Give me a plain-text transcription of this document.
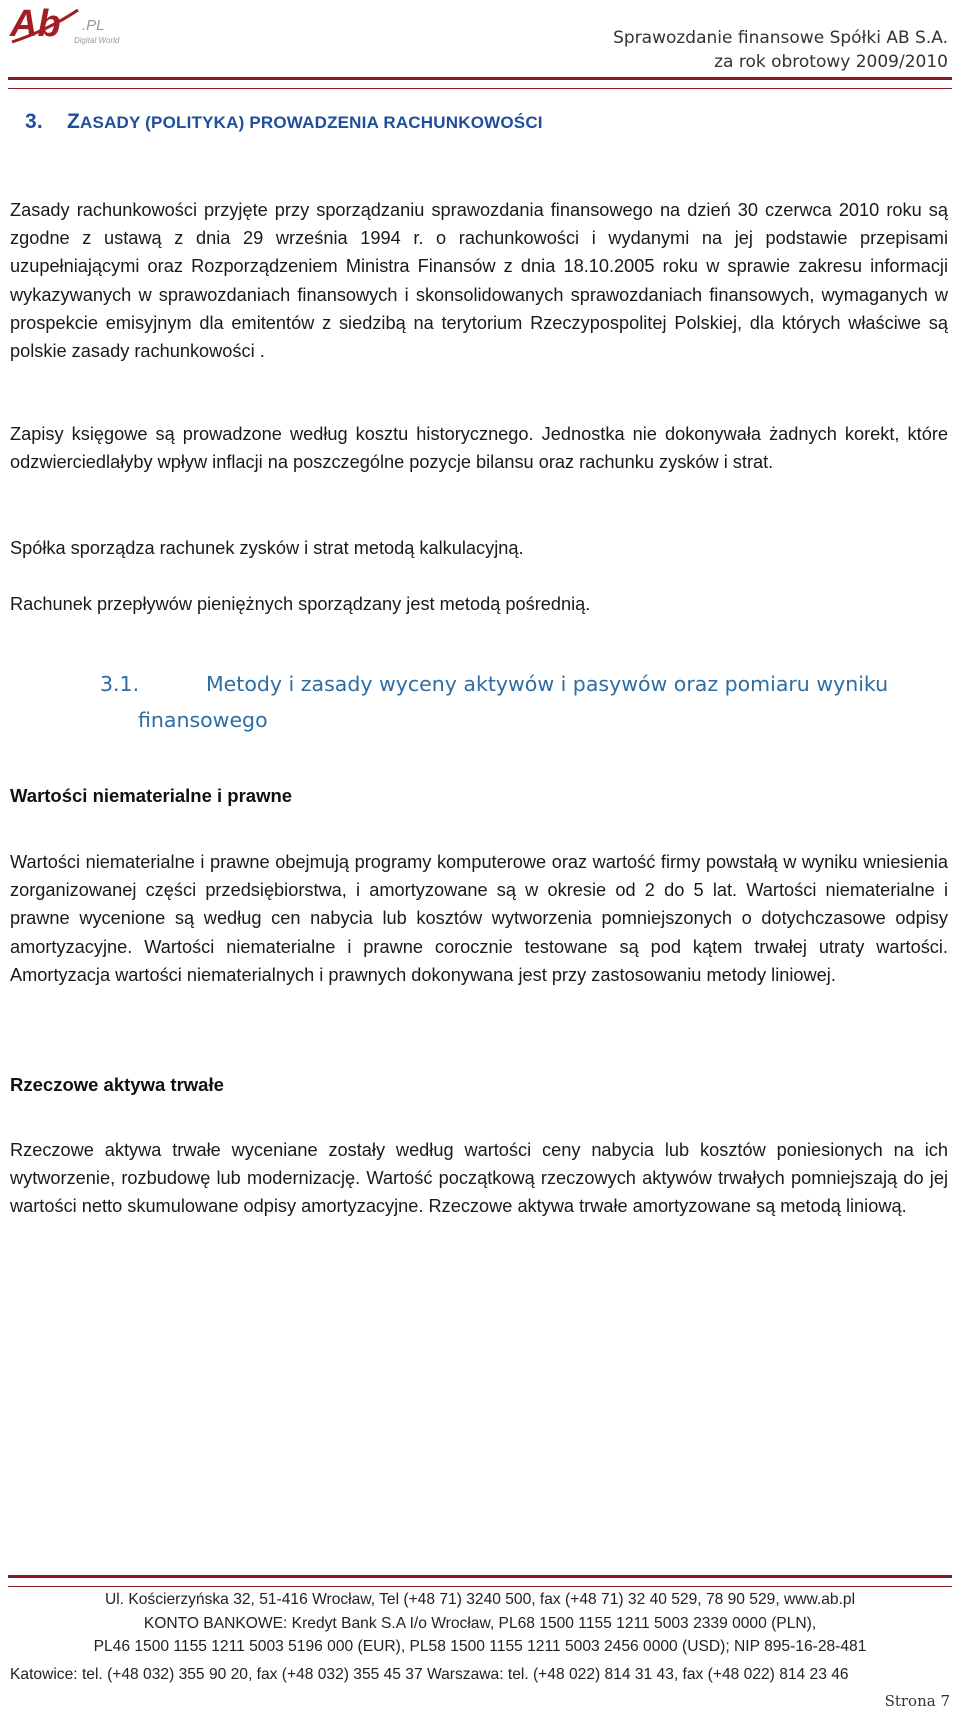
Ab .PL
Digital World	Sprawozdanie finansowe Spółki AB S.A.
za rok obrotowy 2009/2010
3. ZASADY (POLITYKA) PROWADZENIA RACHUNKOWOŚCI

Zasady rachunkowości przyjęte przy sporządzaniu sprawozdania finansowego na dzień 30 czerwca 2010 roku są zgodne z ustawą z dnia 29 września 1994 r. o rachunkowości i wydanymi na jej podstawie przepisami uzupełniającymi oraz Rozporządzeniem Ministra Finansów z dnia 18.10.2005 roku w sprawie zakresu informacji wykazywanych w sprawozdaniach finansowych i skonsolidowanych sprawozdaniach finansowych, wymaganych w prospekcie emisyjnym dla emitentów z siedzibą na terytorium Rzeczypospolitej Polskiej, dla których właściwe są polskie zasady rachunkowości .

Zapisy księgowe są prowadzone według kosztu historycznego. Jednostka nie dokonywała żadnych korekt, które odzwierciedlałyby wpływ inflacji na poszczególne pozycje bilansu oraz rachunku zysków i strat.

Spółka sporządza rachunek zysków i strat metodą kalkulacyjną.

Rachunek przepływów pieniężnych sporządzany jest metodą pośrednią.

3.1.	Metody i zasady wyceny aktywów i pasywów oraz pomiaru wyniku
finansowego
Wartości niematerialne i prawne

Wartości niematerialne i prawne obejmują programy komputerowe oraz wartość firmy powstałą w wyniku wniesienia zorganizowanej części przedsiębiorstwa, i amortyzowane są w okresie od 2 do 5 lat. Wartości niematerialne i prawne wycenione są według cen nabycia lub kosztów wytworzenia pomniejszonych o dotychczasowe odpisy amortyzacyjne. Wartości niematerialne i prawne corocznie testowane są pod kątem trwałej utraty wartości. Amortyzacja wartości niematerialnych i prawnych dokonywana jest przy zastosowaniu metody liniowej.

Rzeczowe aktywa trwałe

Rzeczowe aktywa trwałe wyceniane zostały według wartości ceny nabycia lub kosztów poniesionych na ich wytworzenie, rozbudowę lub modernizację. Wartość początkową rzeczowych aktywów trwałych pomniejszają do jej wartości netto skumulowane odpisy amortyzacyjne. Rzeczowe aktywa trwałe amortyzowane są metodą liniową.

Ul. Kościerzyńska 32, 51-416 Wrocław, Tel (+48 71) 3240 500, fax (+48 71) 32 40 529, 78 90 529, www.ab.pl
KONTO BANKOWE: Kredyt Bank S.A I/o Wrocław, PL68 1500 1155 1211 5003 2339 0000 (PLN),
PL46 1500 1155 1211 5003 5196 000 (EUR), PL58 1500 1155 1211 5003 2456 0000 (USD); NIP 895-16-28-481
Katowice: tel. (+48 032) 355 90 20, fax (+48 032) 355 45 37 Warszawa: tel. (+48 022) 814 31 43, fax (+48 022) 814 23 46
Strona 7
